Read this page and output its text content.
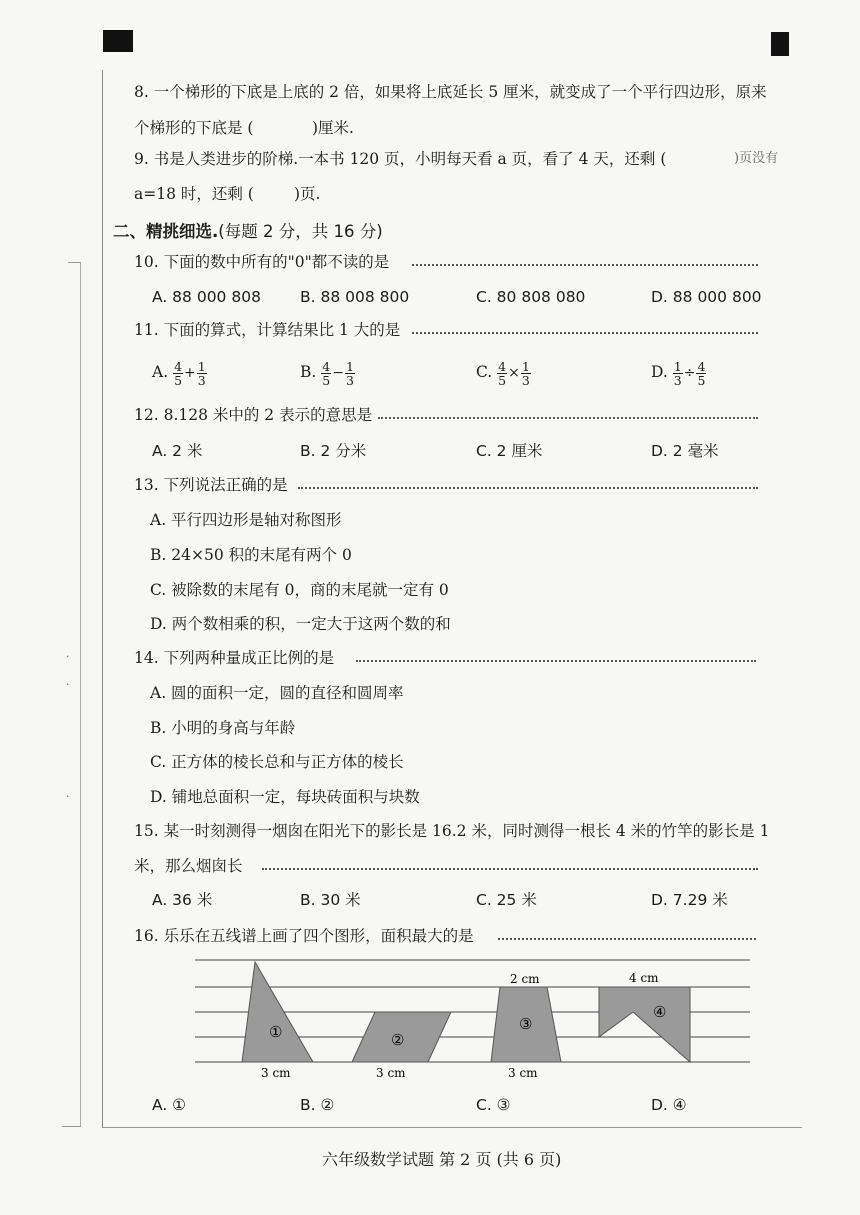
·
·
·
8. 一个梯形的下底是上底的 2 倍，如果将上底延长 5 厘米，就变成了一个平行四边形，原来
个梯形的下底是 (	)厘米.
9. 书是人类进步的阶梯.一本书 120 页，小明每天看 a 页，看了 4 天，还剩 (	)页没有
a=18 时，还剩 (	)页.
二、精挑细选.(每题 2 分，共 16 分)
10. 下面的数中所有的"0"都不读的是
A. 88 000 808	B. 88 008 800	C. 80 808 080	D. 88 000 800
11. 下面的算式，计算结果比 1 大的是
A. $\frac{4}{5} + \frac{1}{3}$	B. $\frac{4}{5} - \frac{1}{3}$	C. $\frac{4}{5} \times \frac{1}{3}$	D. $\frac{1}{3} \div \frac{4}{5}$
12. 8.128 米中的 2 表示的意思是
A. 2 米	B. 2 分米	C. 2 厘米	D. 2 毫米
13. 下列说法正确的是
A. 平行四边形是轴对称图形
B. 24×50 积的末尾有两个 0
C. 被除数的末尾有 0，商的末尾就一定有 0
D. 两个数相乘的积，一定大于这两个数的和
14. 下列两种量成正比例的是
A. 圆的面积一定，圆的直径和圆周率
B. 小明的身高与年龄
C. 正方体的棱长总和与正方体的棱长
D. 铺地总面积一定，每块砖面积与块数
15. 某一时刻测得一烟囱在阳光下的影长是 16.2 米，同时测得一根长 4 米的竹竿的影长是 1
米，那么烟囱长
A. 36 米	B. 30 米	C. 25 米	D. 7.29 米
16. 乐乐在五线谱上画了四个图形，面积最大的是
①	②
③
④
2 cm	4 cm
3 cm	3 cm	3 cm
A. ①	B. ②	C. ③	D. ④
六年级数学试题 第 2 页 (共 6 页)
